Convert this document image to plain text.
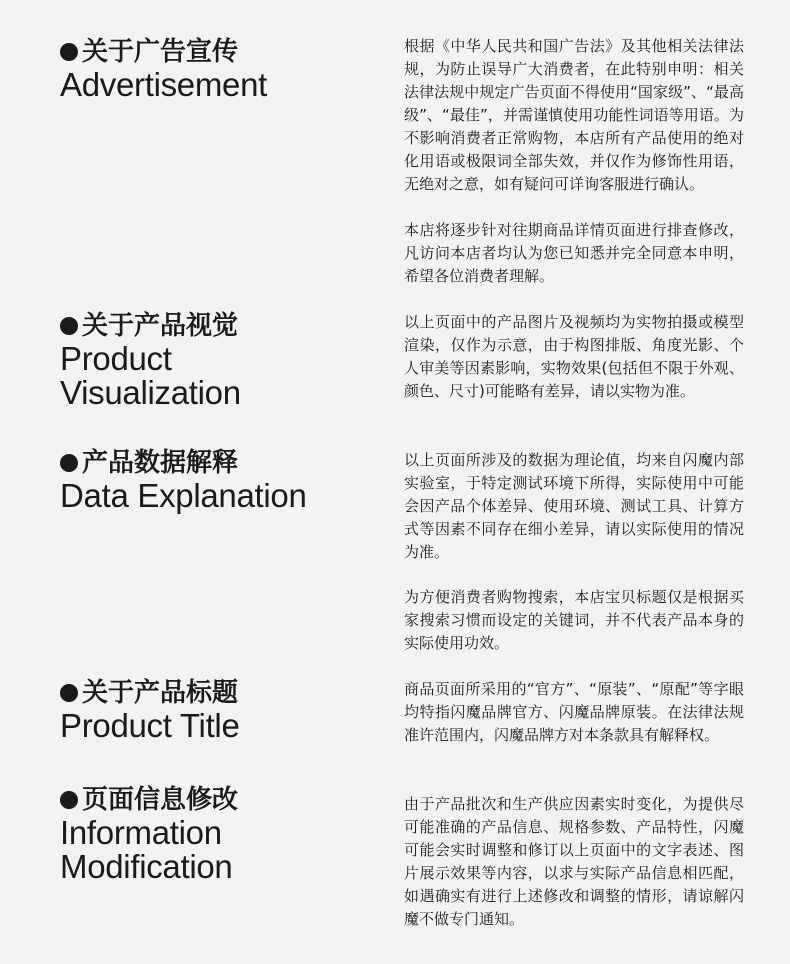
关于广告宣传
Advertisement

根据《中华人民共和国广告法》及其他相关法律法规，为防止误导广大消费者，在此特别申明：相关法律法规中规定广告页面不得使用“国家级”、“最高级”、“最佳”，并需谨慎使用功能性词语等用语。为不影响消费者正常购物，本店所有产品使用的绝对化用语或极限词全部失效，并仅作为修饰性用语，无绝对之意，如有疑问可详询客服进行确认。

本店将逐步针对往期商品详情页面进行排查修改，凡访问本店者均认为您已知悉并完全同意本申明，希望各位消费者理解。

关于产品视觉
Product
Visualization

以上页面中的产品图片及视频均为实物拍摄或模型渲染，仅作为示意，由于构图排版、角度光影、个人审美等因素影响，实物效果(包括但不限于外观、颜色、尺寸)可能略有差异，请以实物为准。

产品数据解释
Data Explanation

以上页面所涉及的数据为理论值，均来自闪魔内部实验室，于特定测试环境下所得，实际使用中可能会因产品个体差异、使用环境、测试工具、计算方式等因素不同存在细小差异，请以实际使用的情况为准。

为方便消费者购物搜索，本店宝贝标题仅是根据买家搜索习惯而设定的关键词，并不代表产品本身的实际使用功效。

关于产品标题
Product Title

商品页面所采用的“官方”、“原装”、“原配”等字眼均特指闪魔品牌官方、闪魔品牌原装。在法律法规准许范围内，闪魔品牌方对本条款具有解释权。

页面信息修改
Information
Modification

由于产品批次和生产供应因素实时变化，为提供尽可能准确的产品信息、规格参数、产品特性，闪魔可能会实时调整和修订以上页面中的文字表述、图片展示效果等内容，以求与实际产品信息相匹配，如遇确实有进行上述修改和调整的情形，请谅解闪魔不做专门通知。
